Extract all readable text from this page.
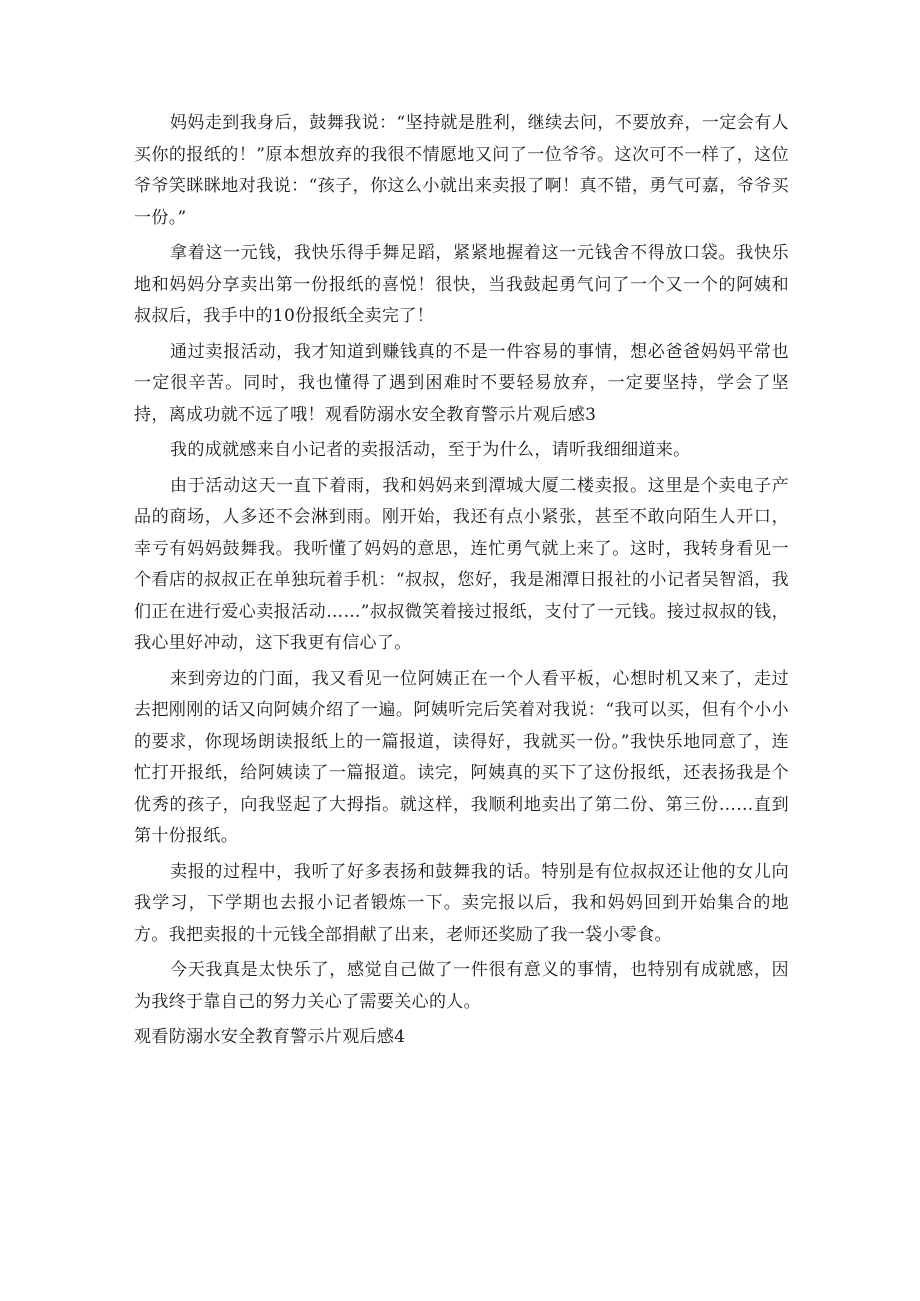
妈妈走到我身后，鼓舞我说：“坚持就是胜利，继续去问，不要放弃，一定会有人买你的报纸的！”原本想放弃的我很不情愿地又问了一位爷爷。这次可不一样了，这位爷爷笑眯眯地对我说：“孩子，你这么小就出来卖报了啊！真不错，勇气可嘉，爷爷买一份。”

拿着这一元钱，我快乐得手舞足蹈，紧紧地握着这一元钱舍不得放口袋。我快乐地和妈妈分享卖出第一份报纸的喜悦！很快，当我鼓起勇气问了一个又一个的阿姨和叔叔后，我手中的10份报纸全卖完了！

通过卖报活动，我才知道到赚钱真的不是一件容易的事情，想必爸爸妈妈平常也一定很辛苦。同时，我也懂得了遇到困难时不要轻易放弃，一定要坚持，学会了坚持，离成功就不远了哦！观看防溺水安全教育警示片观后感3

我的成就感来自小记者的卖报活动，至于为什么，请听我细细道来。

由于活动这天一直下着雨，我和妈妈来到潭城大厦二楼卖报。这里是个卖电子产品的商场，人多还不会淋到雨。刚开始，我还有点小紧张，甚至不敢向陌生人开口，幸亏有妈妈鼓舞我。我听懂了妈妈的意思，连忙勇气就上来了。这时，我转身看见一个看店的叔叔正在单独玩着手机：“叔叔，您好，我是湘潭日报社的小记者吴智滔，我们正在进行爱心卖报活动……”叔叔微笑着接过报纸，支付了一元钱。接过叔叔的钱，我心里好冲动，这下我更有信心了。

来到旁边的门面，我又看见一位阿姨正在一个人看平板，心想时机又来了，走过去把刚刚的话又向阿姨介绍了一遍。阿姨听完后笑着对我说：“我可以买，但有个小小的要求，你现场朗读报纸上的一篇报道，读得好，我就买一份。”我快乐地同意了，连忙打开报纸，给阿姨读了一篇报道。读完，阿姨真的买下了这份报纸，还表扬我是个优秀的孩子，向我竖起了大拇指。就这样，我顺利地卖出了第二份、第三份……直到第十份报纸。

卖报的过程中，我听了好多表扬和鼓舞我的话。特别是有位叔叔还让他的女儿向我学习，下学期也去报小记者锻炼一下。卖完报以后，我和妈妈回到开始集合的地方。我把卖报的十元钱全部捐献了出来，老师还奖励了我一袋小零食。

今天我真是太快乐了，感觉自己做了一件很有意义的事情，也特别有成就感，因为我终于靠自己的努力关心了需要关心的人。

观看防溺水安全教育警示片观后感4
